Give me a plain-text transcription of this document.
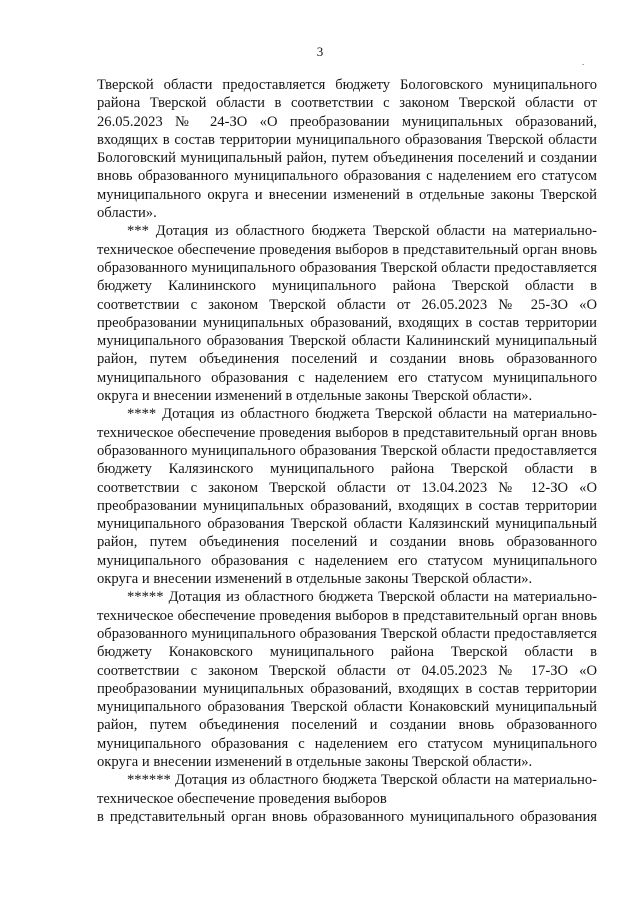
3
.

Тверской области предоставляется бюджету Бологовского муниципального района Тверской области в соответствии с законом Тверской области от 26.05.2023 № 24-ЗО «О преобразовании муниципальных образований, входящих в состав территории муниципального образования Тверской области Бологовский муниципальный район, путем объединения поселений и создании вновь образованного муниципального образования с наделением его статусом муниципального округа и внесении изменений в отдельные законы Тверской области».

*** Дотация из областного бюджета Тверской области на материально-техническое обеспечение проведения выборов в представительный орган вновь образованного муниципального образования Тверской области предоставляется бюджету Калининского муниципального района Тверской области в соответствии с законом Тверской области от 26.05.2023 № 25-ЗО «О преобразовании муниципальных образований, входящих в состав территории муниципального образования Тверской области Калининский муниципальный район, путем объединения поселений и создании вновь образованного муниципального образования с наделением его статусом муниципального округа и внесении изменений в отдельные законы Тверской области».

**** Дотация из областного бюджета Тверской области на материально-техническое обеспечение проведения выборов в представительный орган вновь образованного муниципального образования Тверской области предоставляется бюджету Калязинского муниципального района Тверской области в соответствии с законом Тверской области от 13.04.2023 № 12-ЗО «О преобразовании муниципальных образований, входящих в состав территории муниципального образования Тверской области Калязинский муниципальный район, путем объединения поселений и создании вновь образованного муниципального образования с наделением его статусом муниципального округа и внесении изменений в отдельные законы Тверской области».

***** Дотация из областного бюджета Тверской области на материально-техническое обеспечение проведения выборов в представительный орган вновь образованного муниципального образования Тверской области предоставляется бюджету Конаковского муниципального района Тверской области в соответствии с законом Тверской области от 04.05.2023 № 17-ЗО «О преобразовании муниципальных образований, входящих в состав территории муниципального образования Тверской области Конаковский муниципальный район, путем объединения поселений и создании вновь образованного муниципального образования с наделением его статусом муниципального округа и внесении изменений в отдельные законы Тверской области».

****** Дотация из областного бюджета Тверской области на материально-техническое обеспечение проведения выборов

в представительный орган вновь образованного муниципального образования
